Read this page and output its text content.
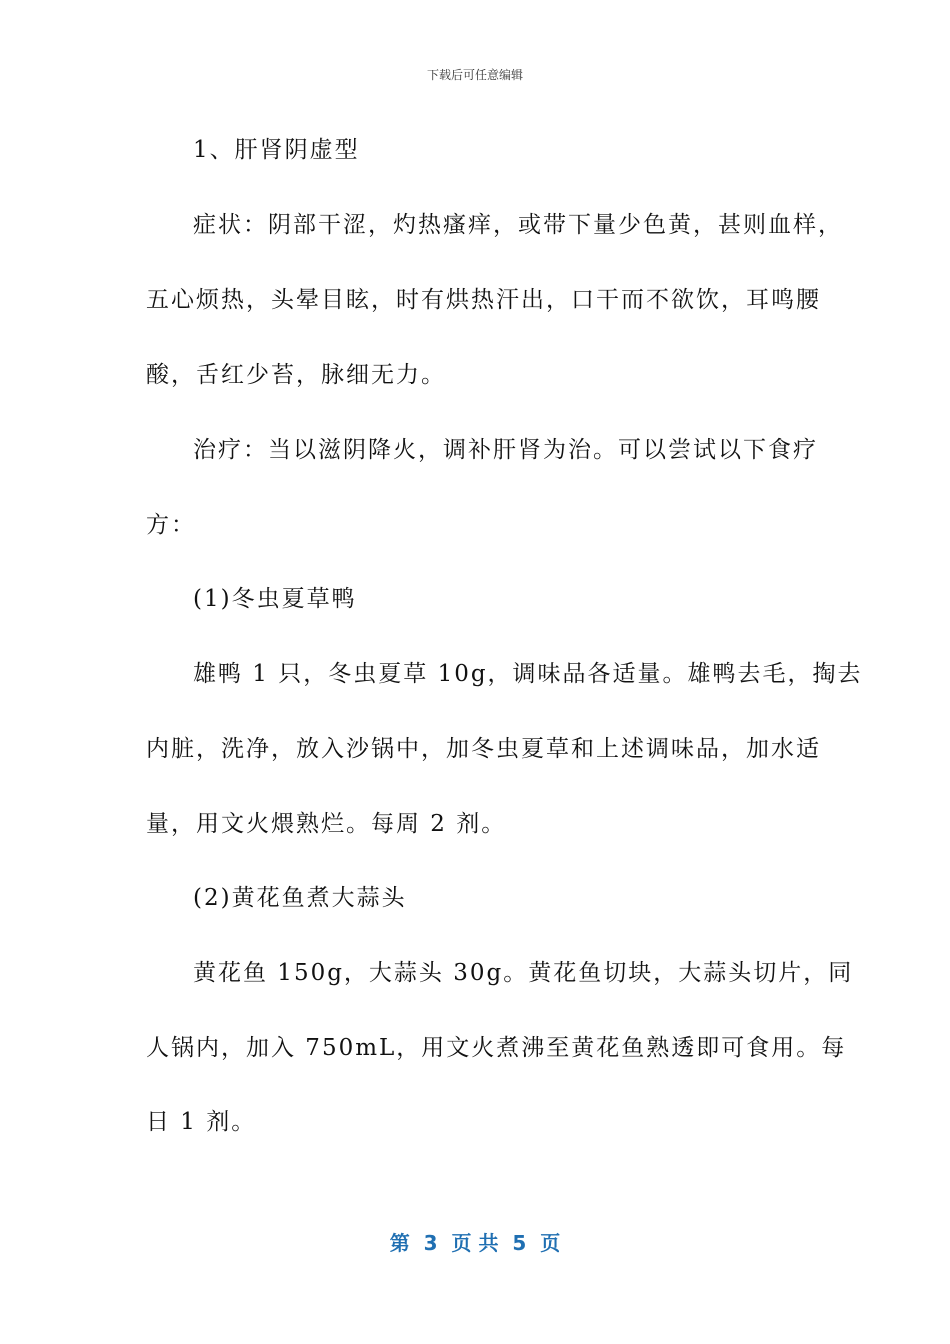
下载后可任意编辑
1、肝肾阴虚型
症状：阴部干涩，灼热瘙痒，或带下量少色黄，甚则血样，
五心烦热，头晕目眩，时有烘热汗出，口干而不欲饮，耳鸣腰
酸，舌红少苔，脉细无力。
治疗：当以滋阴降火，调补肝肾为治。可以尝试以下食疗
方：
(1)冬虫夏草鸭
雄鸭 1 只，冬虫夏草 10g，调味品各适量。雄鸭去毛，掏去
内脏，洗净，放入沙锅中，加冬虫夏草和上述调味品，加水适
量，用文火煨熟烂。每周 2 剂。
(2)黄花鱼煮大蒜头
黄花鱼 150g，大蒜头 30g。黄花鱼切块，大蒜头切片，同
人锅内，加入 750mL，用文火煮沸至黄花鱼熟透即可食用。每
日 1 剂。
第  3  页 共  5  页
